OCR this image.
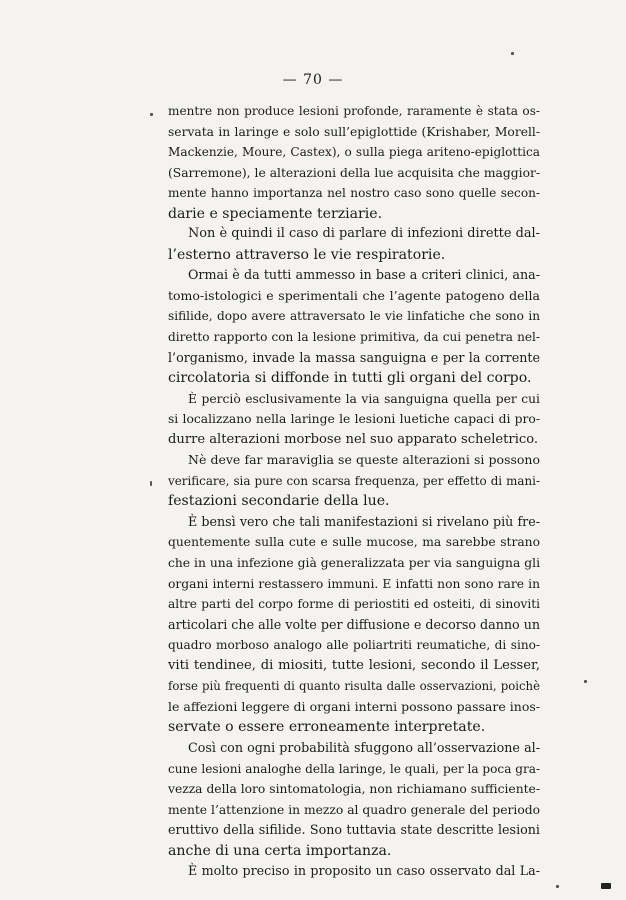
— 70 —
mentre non produce lesioni profonde, raramente è stata os-
servata in laringe e solo sull’epiglottide (Krishaber, Morell-
Mackenzie, Moure, Castex), o sulla piega ariteno-epiglottica
(Sarremone), le alterazioni della lue acquisita che maggior-
mente hanno importanza nel nostro caso sono quelle secon-
darie e speciamente terziarie.
Non è quindi il caso di parlare di infezioni dirette dal-
l’esterno attraverso le vie respiratorie.
Ormai è da tutti ammesso in base a criteri clinici, ana-
tomo-istologici e sperimentali che l’agente patogeno della
sifilide, dopo avere attraversato le vie linfatiche che sono in
diretto rapporto con la lesione primitiva, da cui penetra nel-
l’organismo, invade la massa sanguigna e per la corrente
circolatoria si diffonde in tutti gli organi del corpo.
È perciò esclusivamente la via sanguigna quella per cui
si localizzano nella laringe le lesioni luetiche capaci di pro-
durre alterazioni morbose nel suo apparato scheletrico.
Nè deve far maraviglia se queste alterazioni si possono
verificare, sia pure con scarsa frequenza, per effetto di mani-
festazioni secondarie della lue.
È bensì vero che tali manifestazioni si rivelano più fre-
quentemente sulla cute e sulle mucose, ma sarebbe strano
che in una infezione già generalizzata per via sanguigna gli
organi interni restassero immuni. E infatti non sono rare in
altre parti del corpo forme di periostiti ed osteiti, di sinoviti
articolari che alle volte per diffusione e decorso danno un
quadro morboso analogo alle poliartriti reumatiche, di sino-
viti tendinee, di miositi, tutte lesioni, secondo il Lesser,
forse più frequenti di quanto risulta dalle osservazioni, poichè
le affezioni leggere di organi interni possono passare inos-
servate o essere erroneamente interpretate.
Così con ogni probabilità sfuggono all’osservazione al-
cune lesioni analoghe della laringe, le quali, per la poca gra-
vezza della loro sintomatologia, non richiamano sufficiente-
mente l’attenzione in mezzo al quadro generale del periodo
eruttivo della sifilide. Sono tuttavia state descritte lesioni
anche di una certa importanza.
È molto preciso in proposito un caso osservato dal La-
